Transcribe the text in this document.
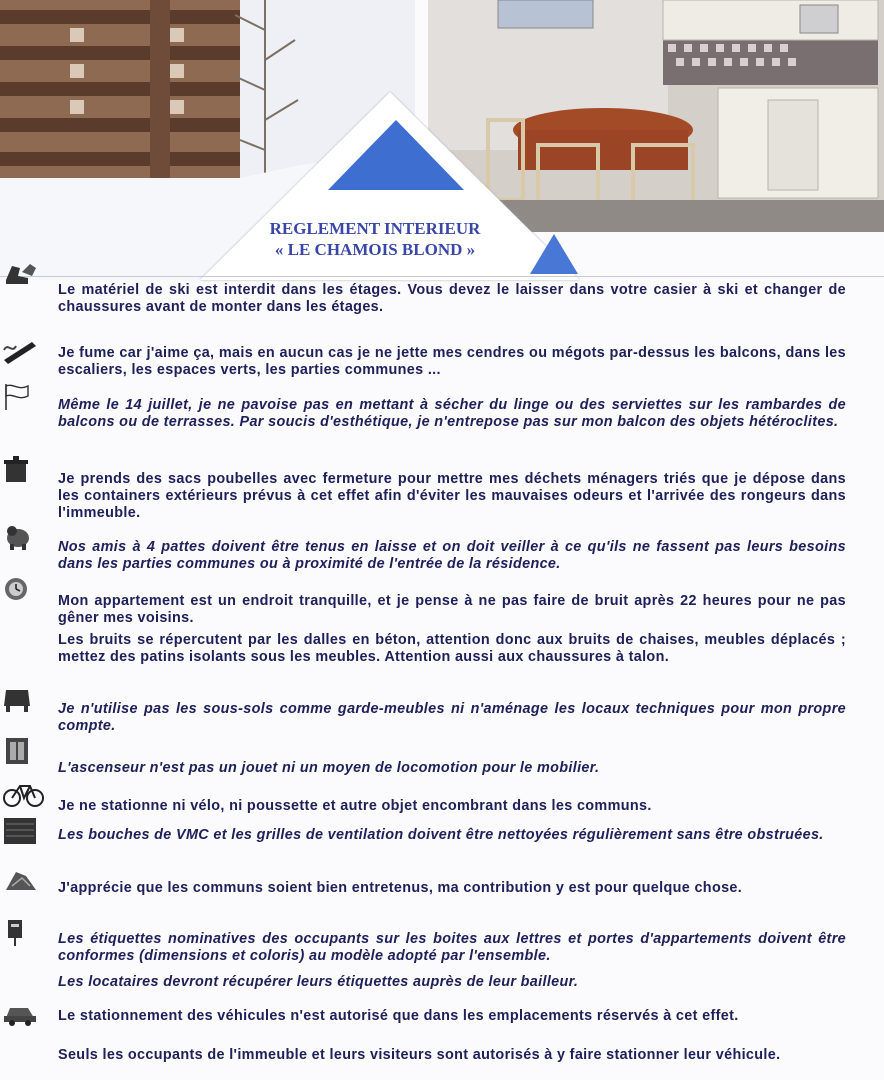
REGLEMENT INTERIEUR
« LE CHAMOIS BLOND »
Le matériel de ski est interdit dans les étages. Vous devez le laisser dans votre casier à ski et changer de chaussures avant de monter dans les étages.
Je fume car j'aime ça, mais en aucun cas je ne jette mes cendres ou mégots par-dessus les balcons, dans les escaliers, les espaces verts, les parties communes ...
Même le 14 juillet, je ne pavoise pas en mettant à sécher du linge ou des serviettes sur les rambardes de balcons ou de terrasses. Par soucis d'esthétique, je n'entrepose pas sur mon balcon des objets hétéroclites.
Je prends des sacs poubelles avec fermeture pour mettre mes déchets ménagers triés que je dépose dans les containers extérieurs prévus à cet effet afin d'éviter les mauvaises odeurs et l'arrivée des rongeurs dans l'immeuble.
Nos amis à 4 pattes doivent être tenus en laisse et on doit veiller à ce qu'ils ne fassent pas leurs besoins dans les parties communes ou à proximité de l'entrée de la résidence.
Mon appartement est un endroit tranquille, et je pense à ne pas faire de bruit après 22 heures pour ne pas gêner mes voisins.
Les bruits se répercutent par les dalles en béton, attention donc aux bruits de chaises, meubles déplacés ; mettez des patins isolants sous les meubles. Attention aussi aux chaussures à talon.
Je n'utilise pas les sous-sols comme garde-meubles ni n'aménage les locaux techniques pour mon propre compte.
L'ascenseur n'est pas un jouet ni un moyen de locomotion pour le mobilier.
Je ne stationne ni vélo, ni poussette et autre objet encombrant dans les communs.
Les bouches de VMC et les grilles de ventilation doivent être nettoyées régulièrement sans être obstruées.
J'apprécie que les communs soient bien entretenus, ma contribution y est pour quelque chose.
Les étiquettes nominatives des occupants sur les boites aux lettres et portes d'appartements doivent être conformes (dimensions et coloris) au modèle adopté par l'ensemble.
Les locataires devront récupérer leurs étiquettes auprès de leur bailleur.
Le stationnement des véhicules n'est autorisé que dans les emplacements réservés à cet effet.
Seuls les occupants de l'immeuble et leurs visiteurs sont autorisés à y faire stationner leur véhicule.
